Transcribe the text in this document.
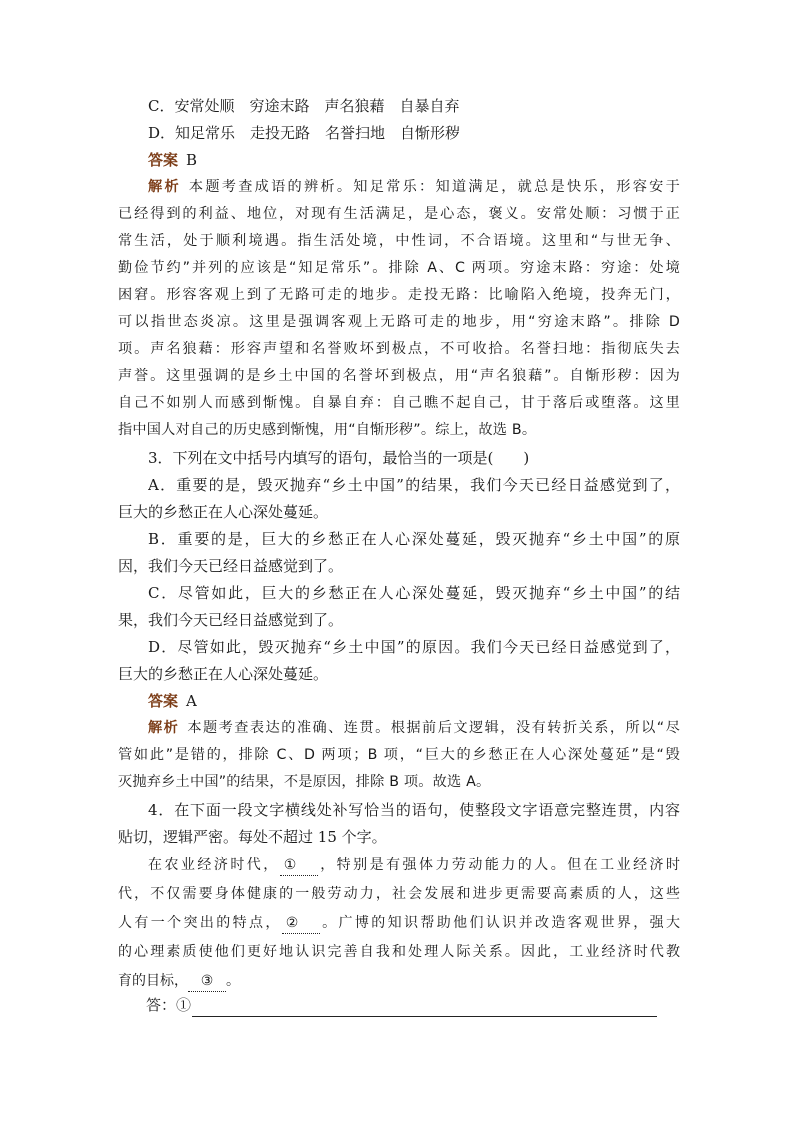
C．安常处顺　穷途末路　声名狼藉　自暴自弃
D．知足常乐　走投无路　名誉扫地　自惭形秽
答案 B
解析 本题考查成语的辨析。知足常乐：知道满足，就总是快乐，形容安于
已经得到的利益、地位，对现有生活满足，是心态，褒义。安常处顺：习惯于正
常生活，处于顺利境遇。指生活处境，中性词，不合语境。这里和“与世无争、
勤俭节约”并列的应该是“知足常乐”。排除 A、C 两项。穷途末路：穷途：处境
困窘。形容客观上到了无路可走的地步。走投无路：比喻陷入绝境，投奔无门，
可以指世态炎凉。这里是强调客观上无路可走的地步，用“穷途末路”。排除 D
项。声名狼藉：形容声望和名誉败坏到极点，不可收拾。名誉扫地：指彻底失去
声誉。这里强调的是乡土中国的名誉坏到极点，用“声名狼藉”。自惭形秽：因为
自己不如别人而感到惭愧。自暴自弃：自己瞧不起自己，甘于落后或堕落。这里
指中国人对自己的历史感到惭愧，用“自惭形秽”。综上，故选 B。
3．下列在文中括号内填写的语句，最恰当的一项是(　　)
A．重要的是，毁灭抛弃“乡土中国”的结果，我们今天已经日益感觉到了，
巨大的乡愁正在人心深处蔓延。
B．重要的是，巨大的乡愁正在人心深处蔓延，毁灭抛弃“乡土中国”的原
因，我们今天已经日益感觉到了。
C．尽管如此，巨大的乡愁正在人心深处蔓延，毁灭抛弃“乡土中国”的结
果，我们今天已经日益感觉到了。
D．尽管如此，毁灭抛弃“乡土中国”的原因。我们今天已经日益感觉到了，
巨大的乡愁正在人心深处蔓延。
答案 A
解析 本题考查表达的准确、连贯。根据前后文逻辑，没有转折关系，所以“尽
管如此”是错的，排除 C、D 两项；B 项，“巨大的乡愁正在人心深处蔓延”是“毁
灭抛弃乡土中国”的结果，不是原因，排除 B 项。故选 A。
4．在下面一段文字横线处补写恰当的语句，使整段文字语意完整连贯，内容
贴切，逻辑严密。每处不超过 15 个字。
在农业经济时代， ① ，特别是有强体力劳动能力的人。但在工业经济时
代，不仅需要身体健康的一般劳动力，社会发展和进步更需要高素质的人，这些
人有一个突出的特点， ② 。广博的知识帮助他们认识并改造客观世界，强大
的心理素质使他们更好地认识完善自我和处理人际关系。因此，工业经济时代教
育的目标， ③ 。
答：①
